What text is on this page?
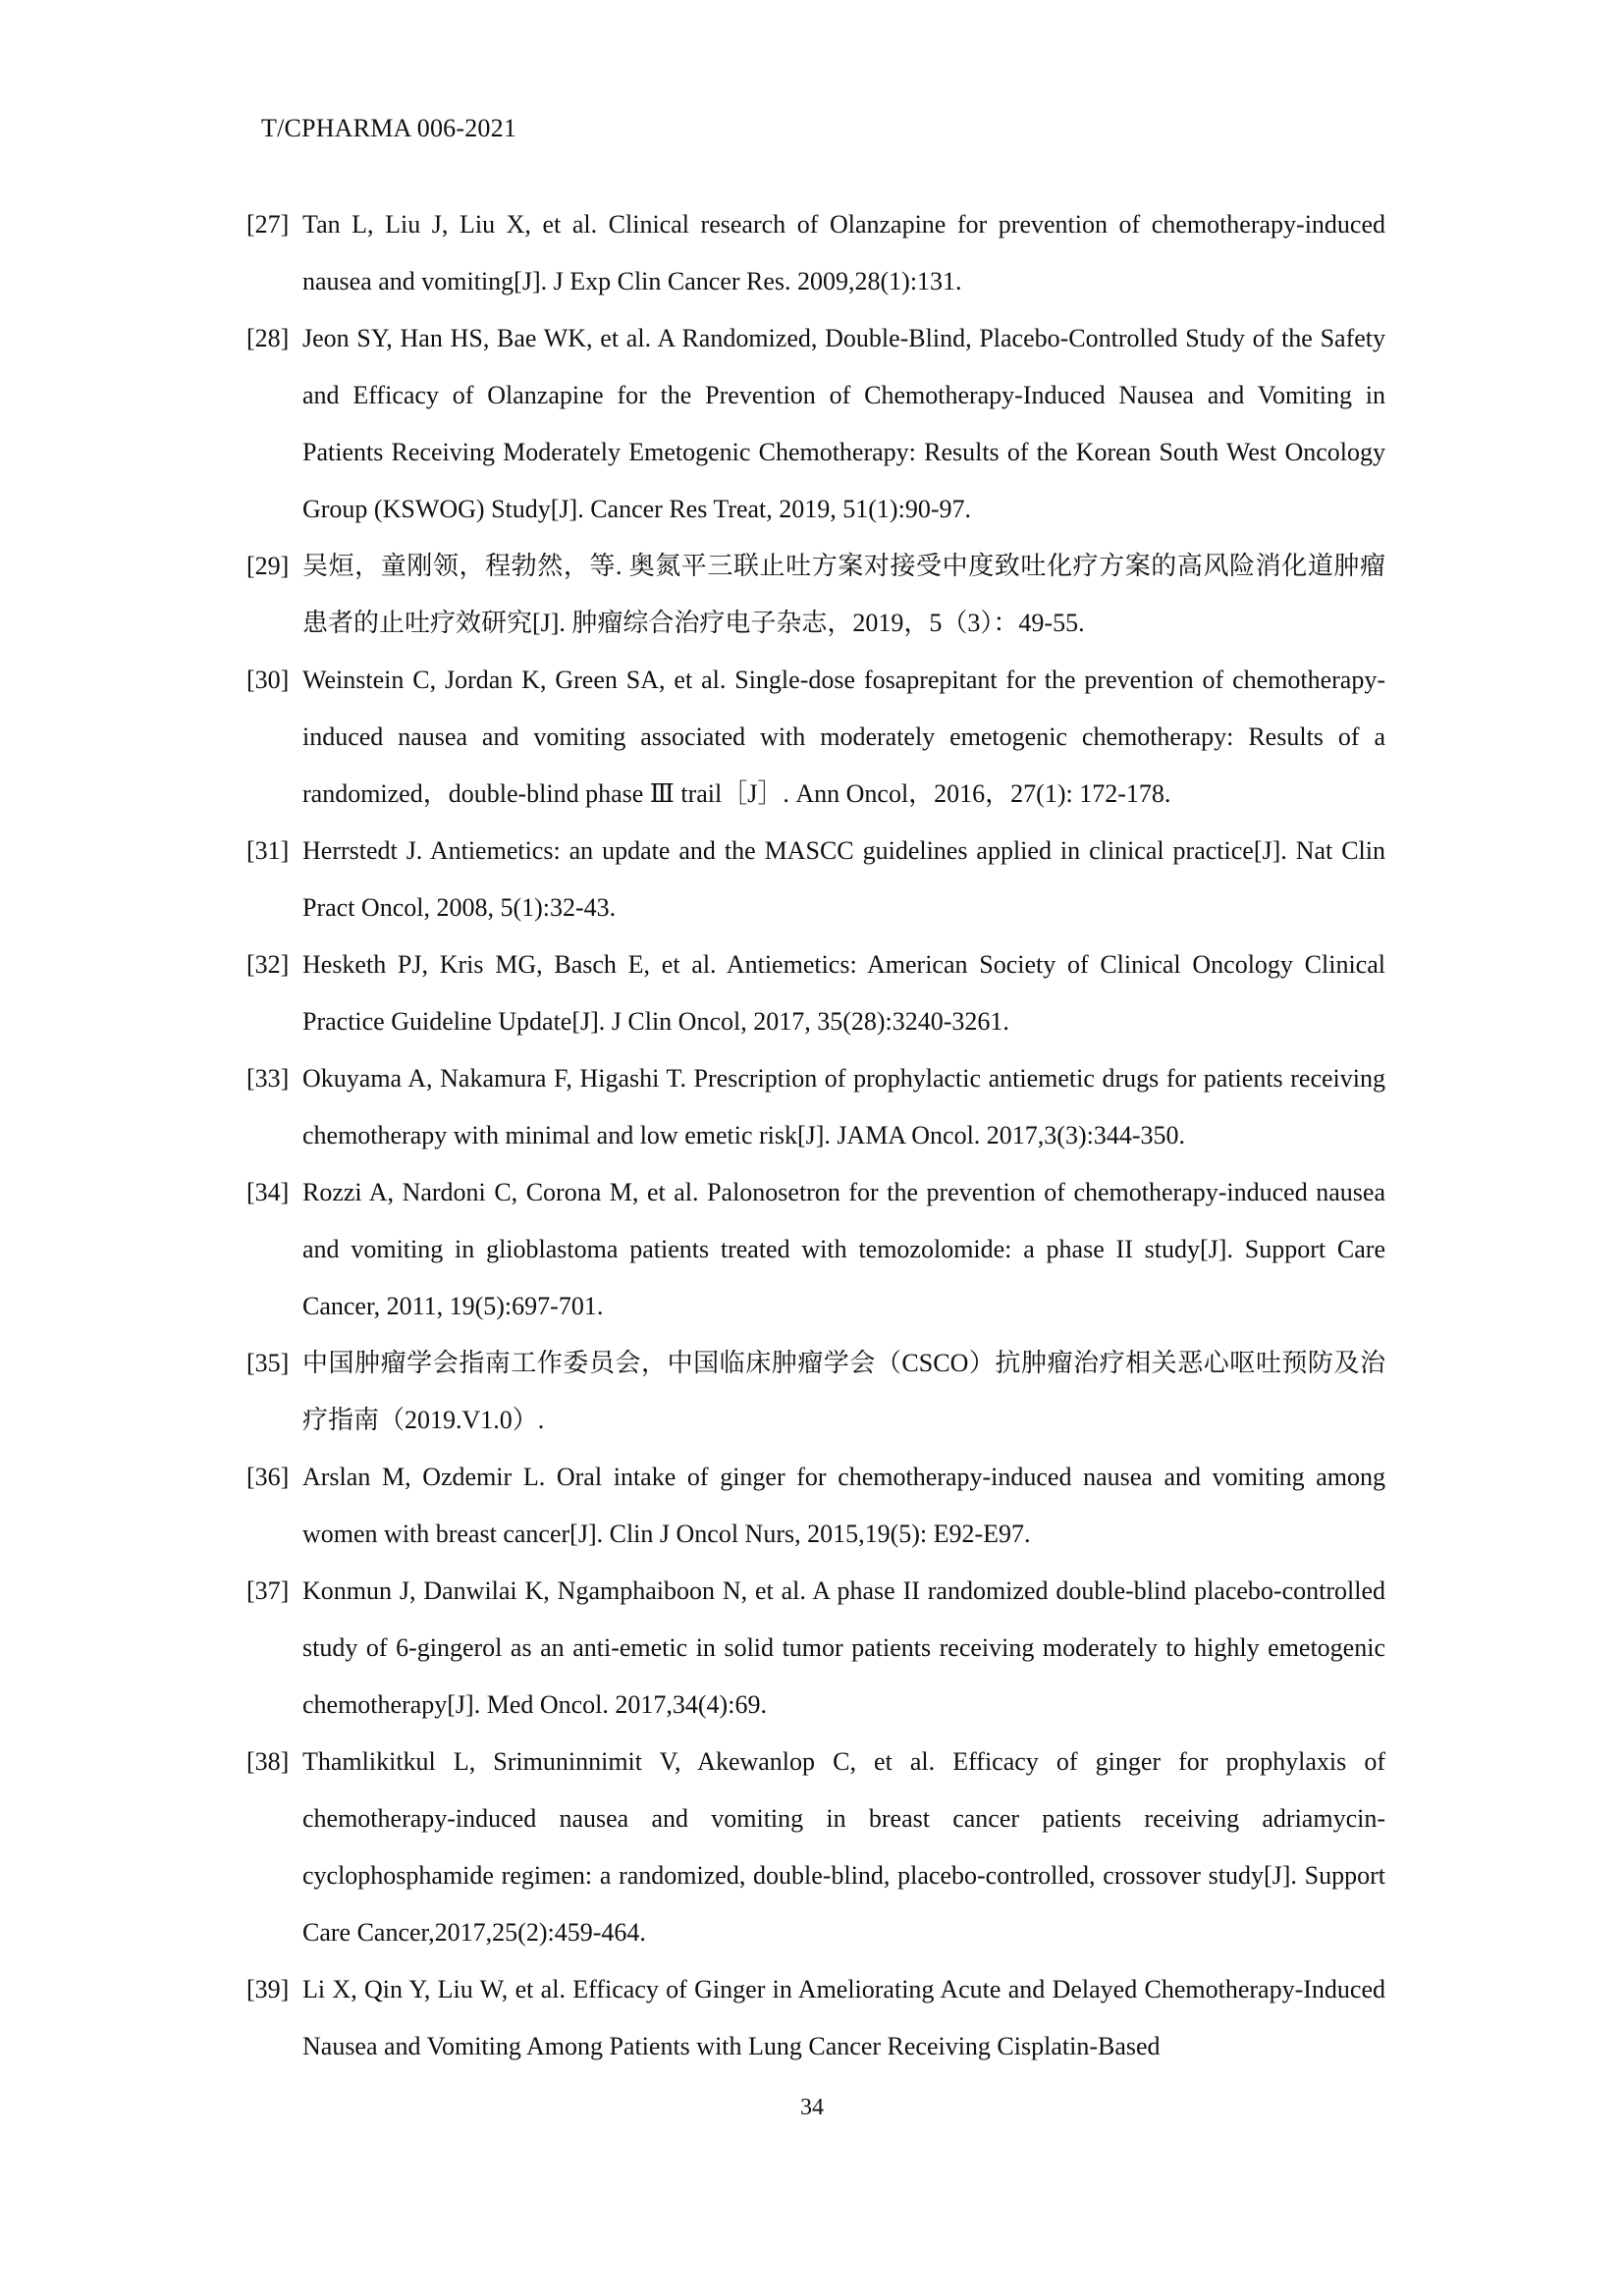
T/CPHARMA 006-2021
[27] Tan L, Liu J, Liu X, et al. Clinical research of Olanzapine for prevention of chemotherapy-induced nausea and vomiting[J]. J Exp Clin Cancer Res. 2009,28(1):131.
[28] Jeon SY, Han HS, Bae WK, et al. A Randomized, Double-Blind, Placebo-Controlled Study of the Safety and Efficacy of Olanzapine for the Prevention of Chemotherapy-Induced Nausea and Vomiting in Patients Receiving Moderately Emetogenic Chemotherapy: Results of the Korean South West Oncology Group (KSWOG) Study[J]. Cancer Res Treat, 2019, 51(1):90-97.
[29] 吴烜，童刚领，程勃然，等. 奥氮平三联止吐方案对接受中度致吐化疗方案的高风险消化道肿瘤患者的止吐疗效研究[J]. 肿瘤综合治疗电子杂志，2019，5（3）：49-55.
[30] Weinstein C, Jordan K, Green SA, et al. Single-dose fosaprepitant for the prevention of chemotherapy-induced nausea and vomiting associated with moderately emetogenic chemotherapy: Results of a randomized，double-blind phase Ⅲ trail［J］. Ann Oncol，2016，27(1): 172-178.
[31] Herrstedt J. Antiemetics: an update and the MASCC guidelines applied in clinical practice[J]. Nat Clin Pract Oncol, 2008, 5(1):32-43.
[32] Hesketh PJ, Kris MG, Basch E, et al. Antiemetics: American Society of Clinical Oncology Clinical Practice Guideline Update[J]. J Clin Oncol, 2017, 35(28):3240-3261.
[33] Okuyama A, Nakamura F, Higashi T. Prescription of prophylactic antiemetic drugs for patients receiving chemotherapy with minimal and low emetic risk[J]. JAMA Oncol. 2017,3(3):344-350.
[34] Rozzi A, Nardoni C, Corona M, et al. Palonosetron for the prevention of chemotherapy-induced nausea and vomiting in glioblastoma patients treated with temozolomide: a phase II study[J]. Support Care Cancer, 2011, 19(5):697-701.
[35] 中国肿瘤学会指南工作委员会，中国临床肿瘤学会（CSCO）抗肿瘤治疗相关恶心呕吐预防及治疗指南（2019.V1.0）.
[36] Arslan M, Ozdemir L. Oral intake of ginger for chemotherapy-induced nausea and vomiting among women with breast cancer[J]. Clin J Oncol Nurs, 2015,19(5): E92-E97.
[37] Konmun J, Danwilai K, Ngamphaiboon N, et al. A phase II randomized double-blind placebo-controlled study of 6-gingerol as an anti-emetic in solid tumor patients receiving moderately to highly emetogenic chemotherapy[J]. Med Oncol. 2017,34(4):69.
[38] Thamlikitkul L, Srimuninnimit V, Akewanlop C, et al. Efficacy of ginger for prophylaxis of chemotherapy-induced nausea and vomiting in breast cancer patients receiving adriamycin-cyclophosphamide regimen: a randomized, double-blind, placebo-controlled, crossover study[J]. Support Care Cancer,2017,25(2):459-464.
[39] Li X, Qin Y, Liu W, et al. Efficacy of Ginger in Ameliorating Acute and Delayed Chemotherapy-Induced Nausea and Vomiting Among Patients with Lung Cancer Receiving Cisplatin-Based
34
